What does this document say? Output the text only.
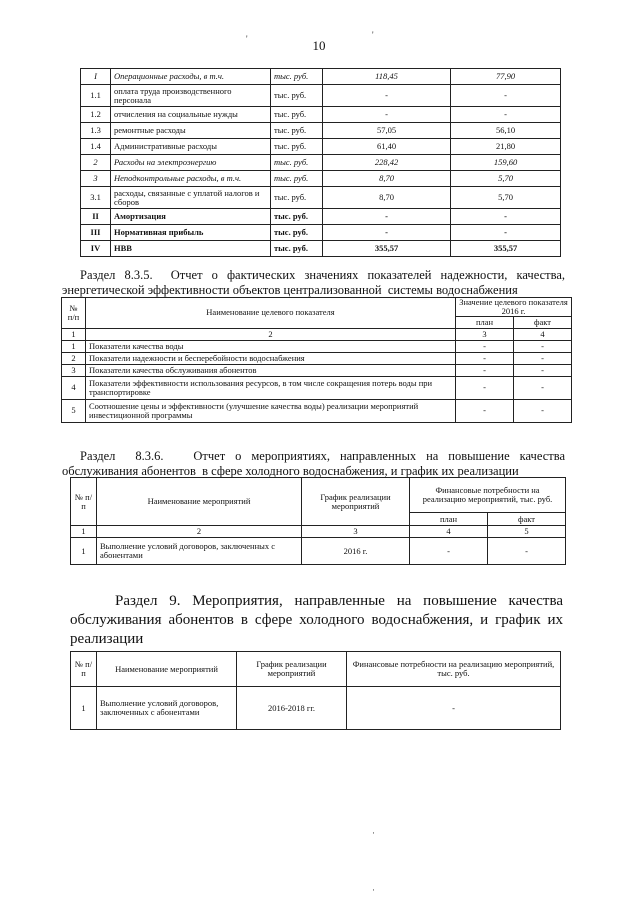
10
I	Операционные расходы, в т.ч.	тыс. руб.	118,45	77,90
1.1	оплата труда производственного персонала	тыс. руб.	-	-
1.2	отчисления на социальные нужды	тыс. руб.	-	-
1.3	ремонтные расходы	тыс. руб.	57,05	56,10
1.4	Административные расходы	тыс. руб.	61,40	21,80
2	Расходы на электроэнергию	тыс. руб.	228,42	159,60
3	Неподконтрольные расходы, в т.ч.	тыс. руб.	8,70	5,70
3.1	расходы, связанные с уплатой налогов и сборов	тыс. руб.	8,70	5,70
II	Амортизация	тыс. руб.	-	-
III	Нормативная прибыль	тыс. руб.	-	-
IV	НВВ	тыс. руб.	355,57	355,57
Раздел 8.3.5.  Отчет о фактических значениях показателей надежности, качества,
энергетической эффективности объектов централизованной  системы водоснабжения
№ п/п	Наименование целевого показателя	Значение целевого показателя 2016 г.	
		план	факт
1	2	3	4
1	Показатели качества воды	-	-
2	Показатели надежности и бесперебойности водоснабжения	-	-
3	Показатели качества обслуживания абонентов	-	-
4	Показатели эффективности использования ресурсов, в том числе сокращения потерь воды при транспортировке	-	-
5	Соотношение цены и эффективности (улучшение качества воды) реализации мероприятий инвестиционной программы	-	-
Раздел  8.3.6.   Отчет о мероприятиях, направленных на повышение качества
обслуживания абонентов  в сфере холодного водоснабжения, и график их реализации
№ п/п	Наименование мероприятий	График реализации мероприятий	Финансовые потребности на реализацию мероприятий, тыс. руб.	
			план	факт
1	2	3	4	5
1	Выполнение условий договоров, заключенных с абонентами	2016 г.	-	-
Раздел 9. Мероприятия, направленные на повышение качества
обслуживания абонентов в сфере холодного водоснабжения, и график их
реализации
№ п/п	Наименование мероприятий	График реализации мероприятий	Финансовые потребности на реализацию мероприятий, тыс. руб.
1	Выполнение условий договоров, заключенных с абонентами	2016-2018 гг.	-
'	'
·
·
